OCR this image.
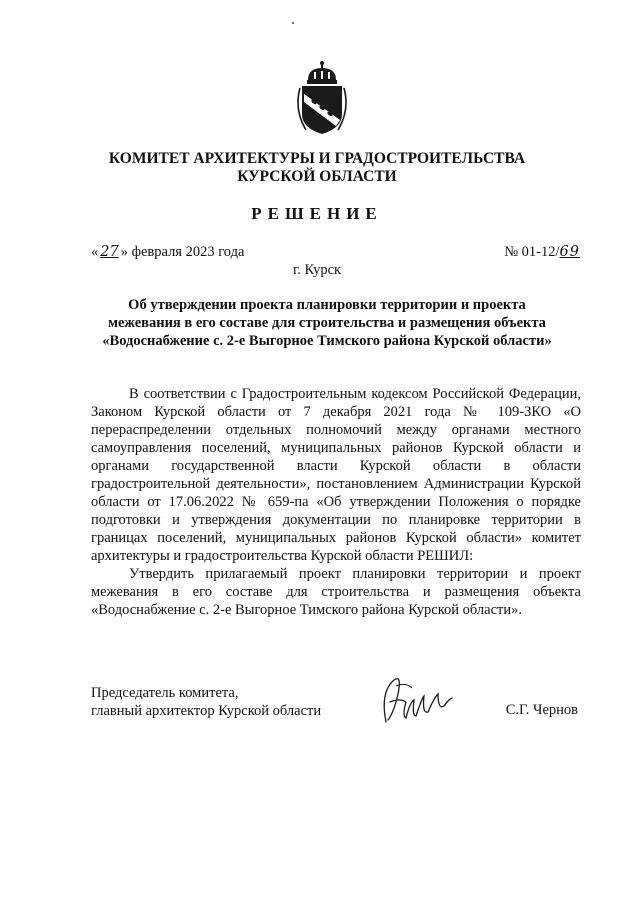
КОМИТЕТ АРХИТЕКТУРЫ И ГРАДОСТРОИТЕЛЬСТВА
КУРСКОЙ ОБЛАСТИ
РЕШЕНИЕ
« 27 » февраля 2023 года	№ 01-12/69
г. Курск
Об утверждении проекта планировки территории и проекта
межевания в его составе для строительства и размещения объекта
«Водоснабжение с. 2-е Выгорное Тимского района Курской области»

В соответствии с Градостроительным кодексом Российской Федерации, Законом Курской области от 7 декабря 2021 года № 109-ЗКО «О перераспределении отдельных полномочий между органами местного самоуправления поселений, муниципальных районов Курской области и органами государственной власти Курской области в области градостроительной деятельности», постановлением Администрации Курской области от 17.06.2022 № 659-па «Об утверждении Положения о порядке подготовки и утверждения документации по планировке территории в границах поселений, муниципальных районов Курской области» комитет архитектуры и градостроительства Курской области РЕШИЛ:

Утвердить прилагаемый проект планировки территории и проект межевания в его составе для строительства и размещения объекта «Водоснабжение с. 2-е Выгорное Тимского района Курской области».

Председатель комитета,
главный архитектор Курской области	С.Г. Чернов
